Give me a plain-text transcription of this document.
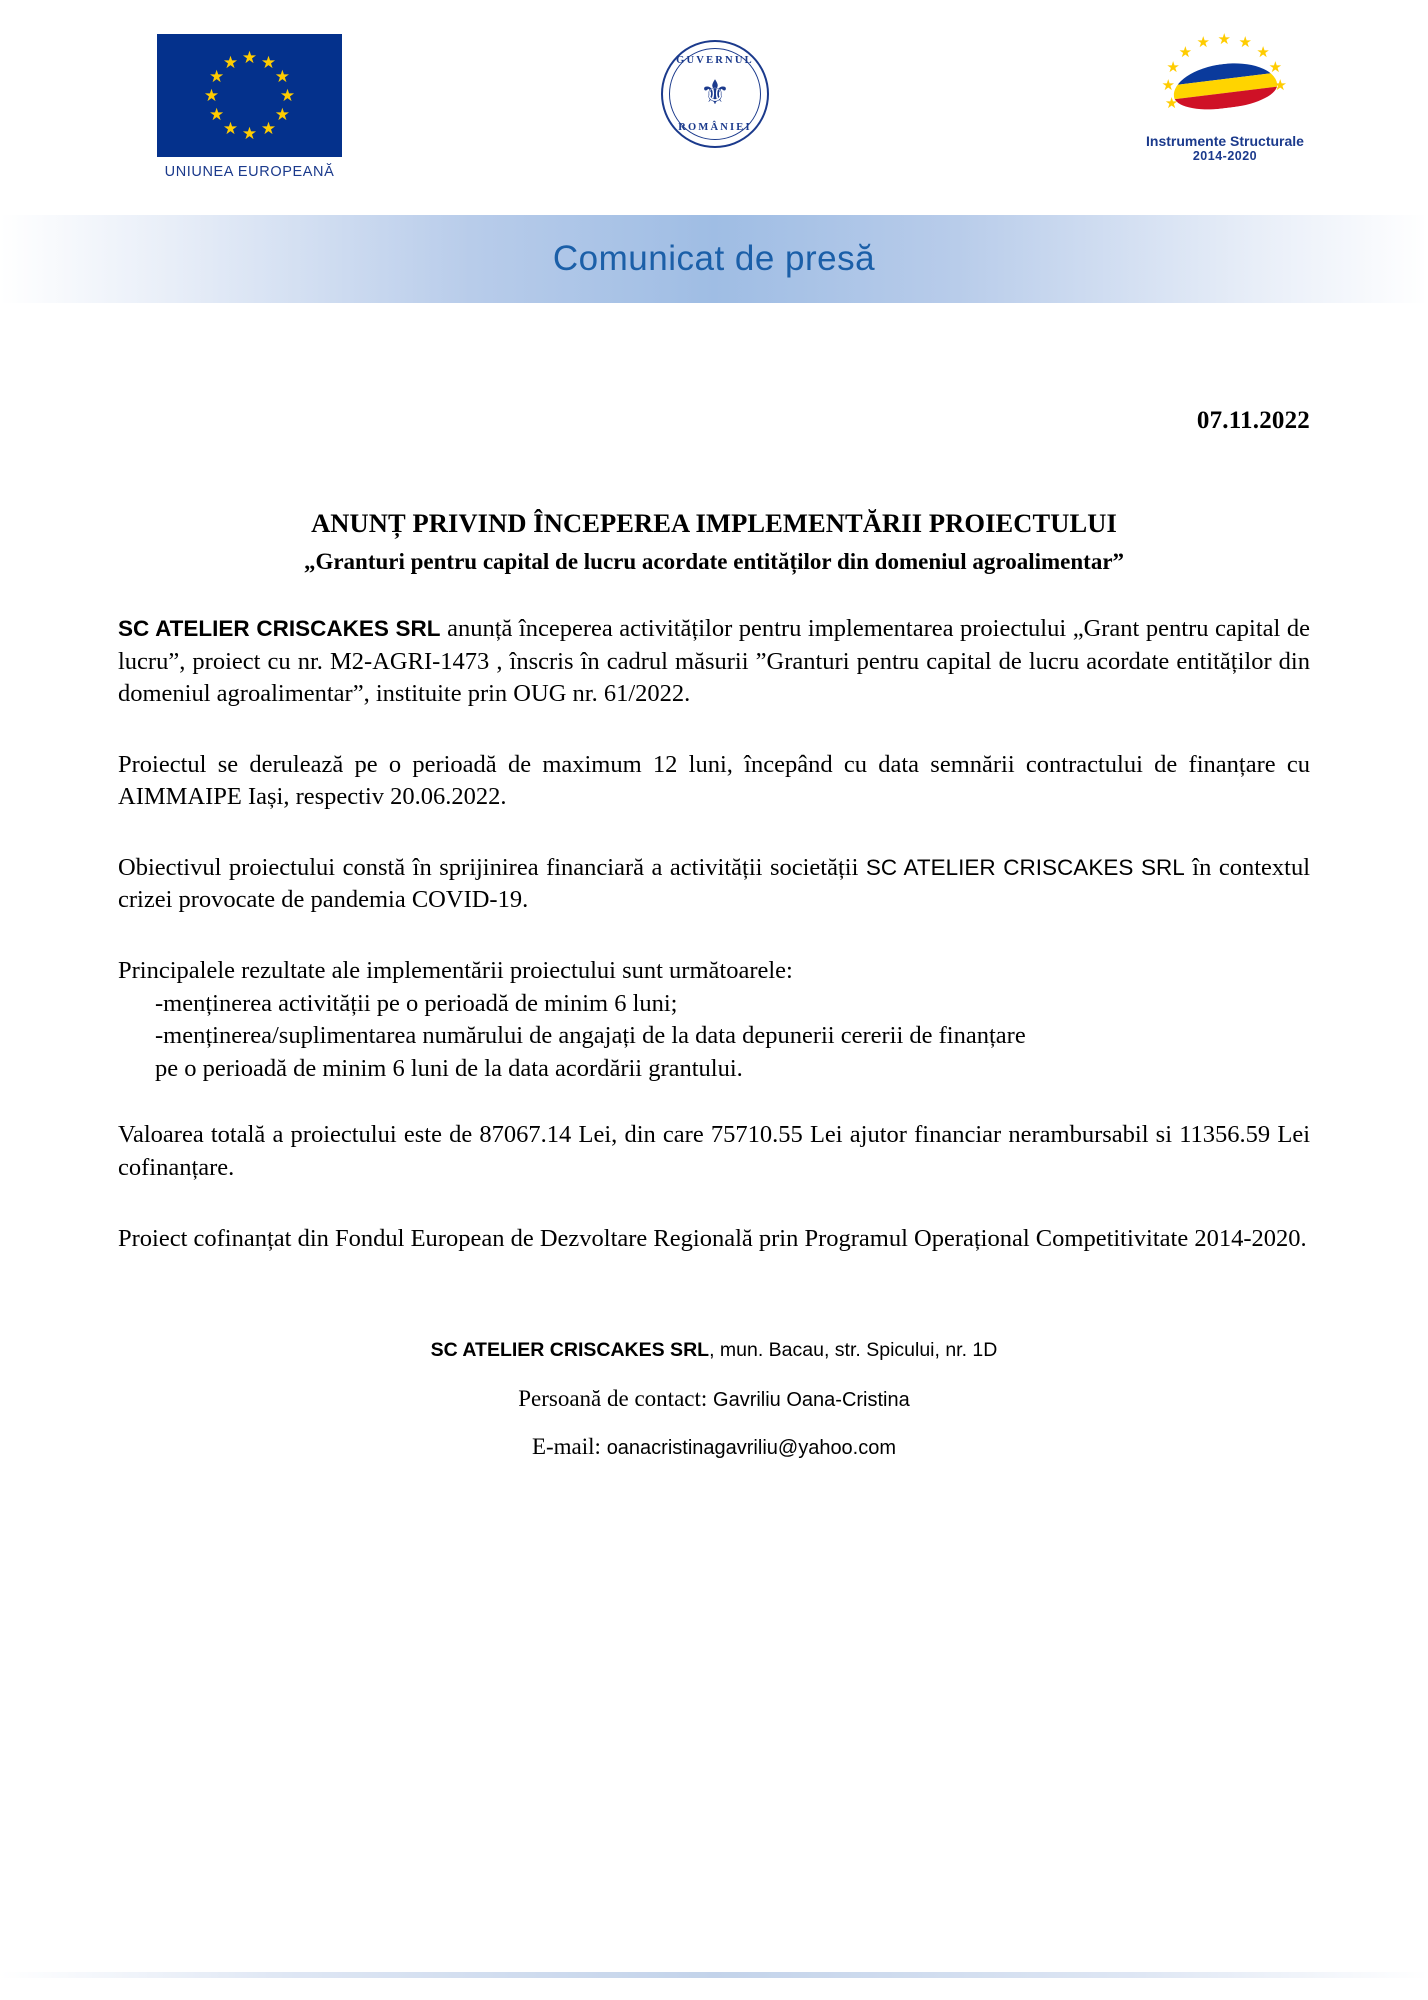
★ ★
★
★
★
★
★
★
★
★
★
★
UNIUNEA EUROPEANĂ
GUVERNUL
⚜
ROMÂNIEI
★
★
★
★
★ ★ ★
★
★
★
Instrumente Structurale
2014-2020
Comunicat de presă
07.11.2022
ANUNȚ PRIVIND ÎNCEPEREA IMPLEMENTĂRII PROIECTULUI
„Granturi pentru capital de lucru acordate entităților din domeniul agroalimentar”

SC ATELIER CRISCAKES SRL anunță începerea activităților pentru implementarea proiectului „Grant pentru capital de lucru”, proiect cu nr. M2-AGRI-1473 , înscris în cadrul măsurii ”Granturi pentru capital de lucru acordate entităților din domeniul agroalimentar”, instituite prin OUG nr. 61/2022.

Proiectul se derulează pe o perioadă de maximum 12 luni, începând cu data semnării contractului de finanțare cu AIMMAIPE Iași, respectiv 20.06.2022.

Obiectivul proiectului constă în sprijinirea financiară a activității societății SC ATELIER CRISCAKES SRL în contextul crizei provocate de pandemia COVID-19.

Principalele rezultate ale implementării proiectului sunt următoarele:

-menținerea activității pe o perioadă de minim 6 luni;
-menținerea/suplimentarea numărului de angajați de la data depunerii cererii de finanțare
pe o perioadă de minim 6 luni de la data acordării grantului.

Valoarea totală a proiectului este de 87067.14 Lei, din care 75710.55 Lei ajutor financiar nerambursabil si 11356.59 Lei cofinanțare.

Proiect cofinanțat din Fondul European de Dezvoltare Regională prin Programul Operațional Competitivitate 2014-2020.

SC ATELIER CRISCAKES SRL, mun. Bacau, str. Spicului, nr. 1D
Persoană de contact: Gavriliu Oana-Cristina
E-mail: oanacristinagavriliu@yahoo.com
